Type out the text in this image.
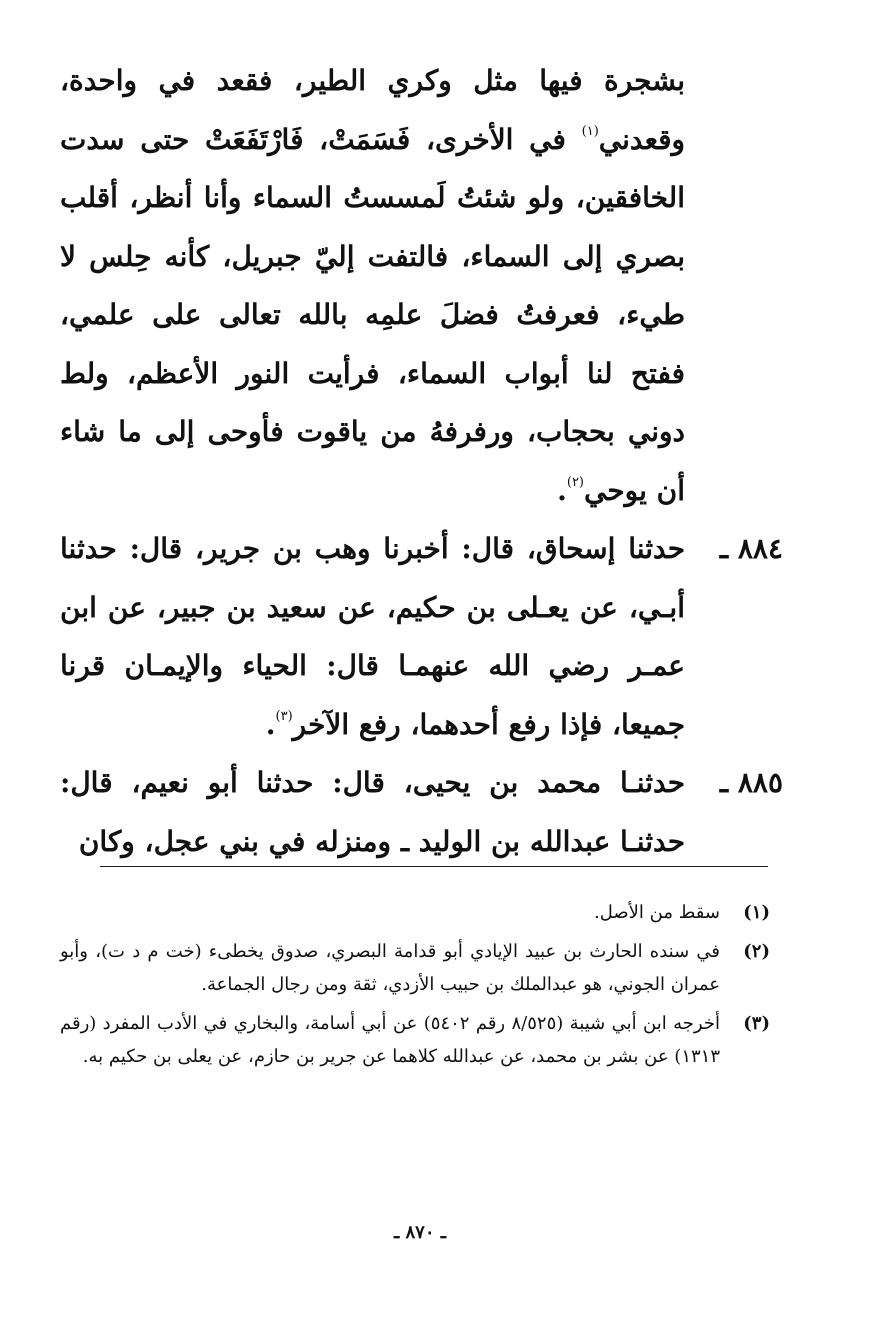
بشجرة فيها مثل وكري الطير، فقعد في واحدة، وقعدني$^{(١)}$ في الأخرى، فَسَمَتْ، فَارْتَفَعَتْ حتى سدت الخافقين، ولو شئتُ لَمسستُ السماء وأنا أنظر، أقلب بصري إلى السماء، فالتفت إليّ جبريل، كأنه حِلس لا طيء، فعرفتُ فضلَ علمِه بالله تعالى على علمي، ففتح لنا أبواب السماء، فرأيت النور الأعظم، ولط دوني بحجاب، ورفرفهُ من ياقوت فأوحى إلى ما شاء أن يوحي$^{(٢)}$.

٨٨٤ ـ
حدثنا إسحاق، قال: أخبرنا وهب بن جرير، قال: حدثنا أبـي، عن يعـلى بن حكيم، عن سعيد بن جبير، عن ابن عمـر رضي الله عنهمـا قال: الحياء والإيمـان قرنا جميعا، فإذا رفع أحدهما، رفع الآخر$^{(٣)}$.

٨٨٥ ـ
حدثنـا محمد بن يحيى، قال: حدثنا أبو نعيم، قال: حدثنـا عبدالله بن الوليد ـ ومنزله في بني عجل، وكان

(١)
سقط من الأصل.
(٢)
في سنده الحارث بن عبيد الإيادي أبو قدامة البصري، صدوق يخطىء (خت م د ت)، وأبو عمران الجوني، هو عبدالملك بن حبيب الأزدي، ثقة ومن رجال الجماعة.
(٣)
أخرجه ابن أبي شيبة (٨/٥٢٥ رقم ٥٤٠٢) عن أبي أسامة، والبخاري في الأدب المفرد (رقم ١٣١٣) عن بشر بن محمد، عن عبدالله كلاهما عن جرير بن حازم، عن يعلى بن حكيم به.
ـ ٨٧٠ ـ
